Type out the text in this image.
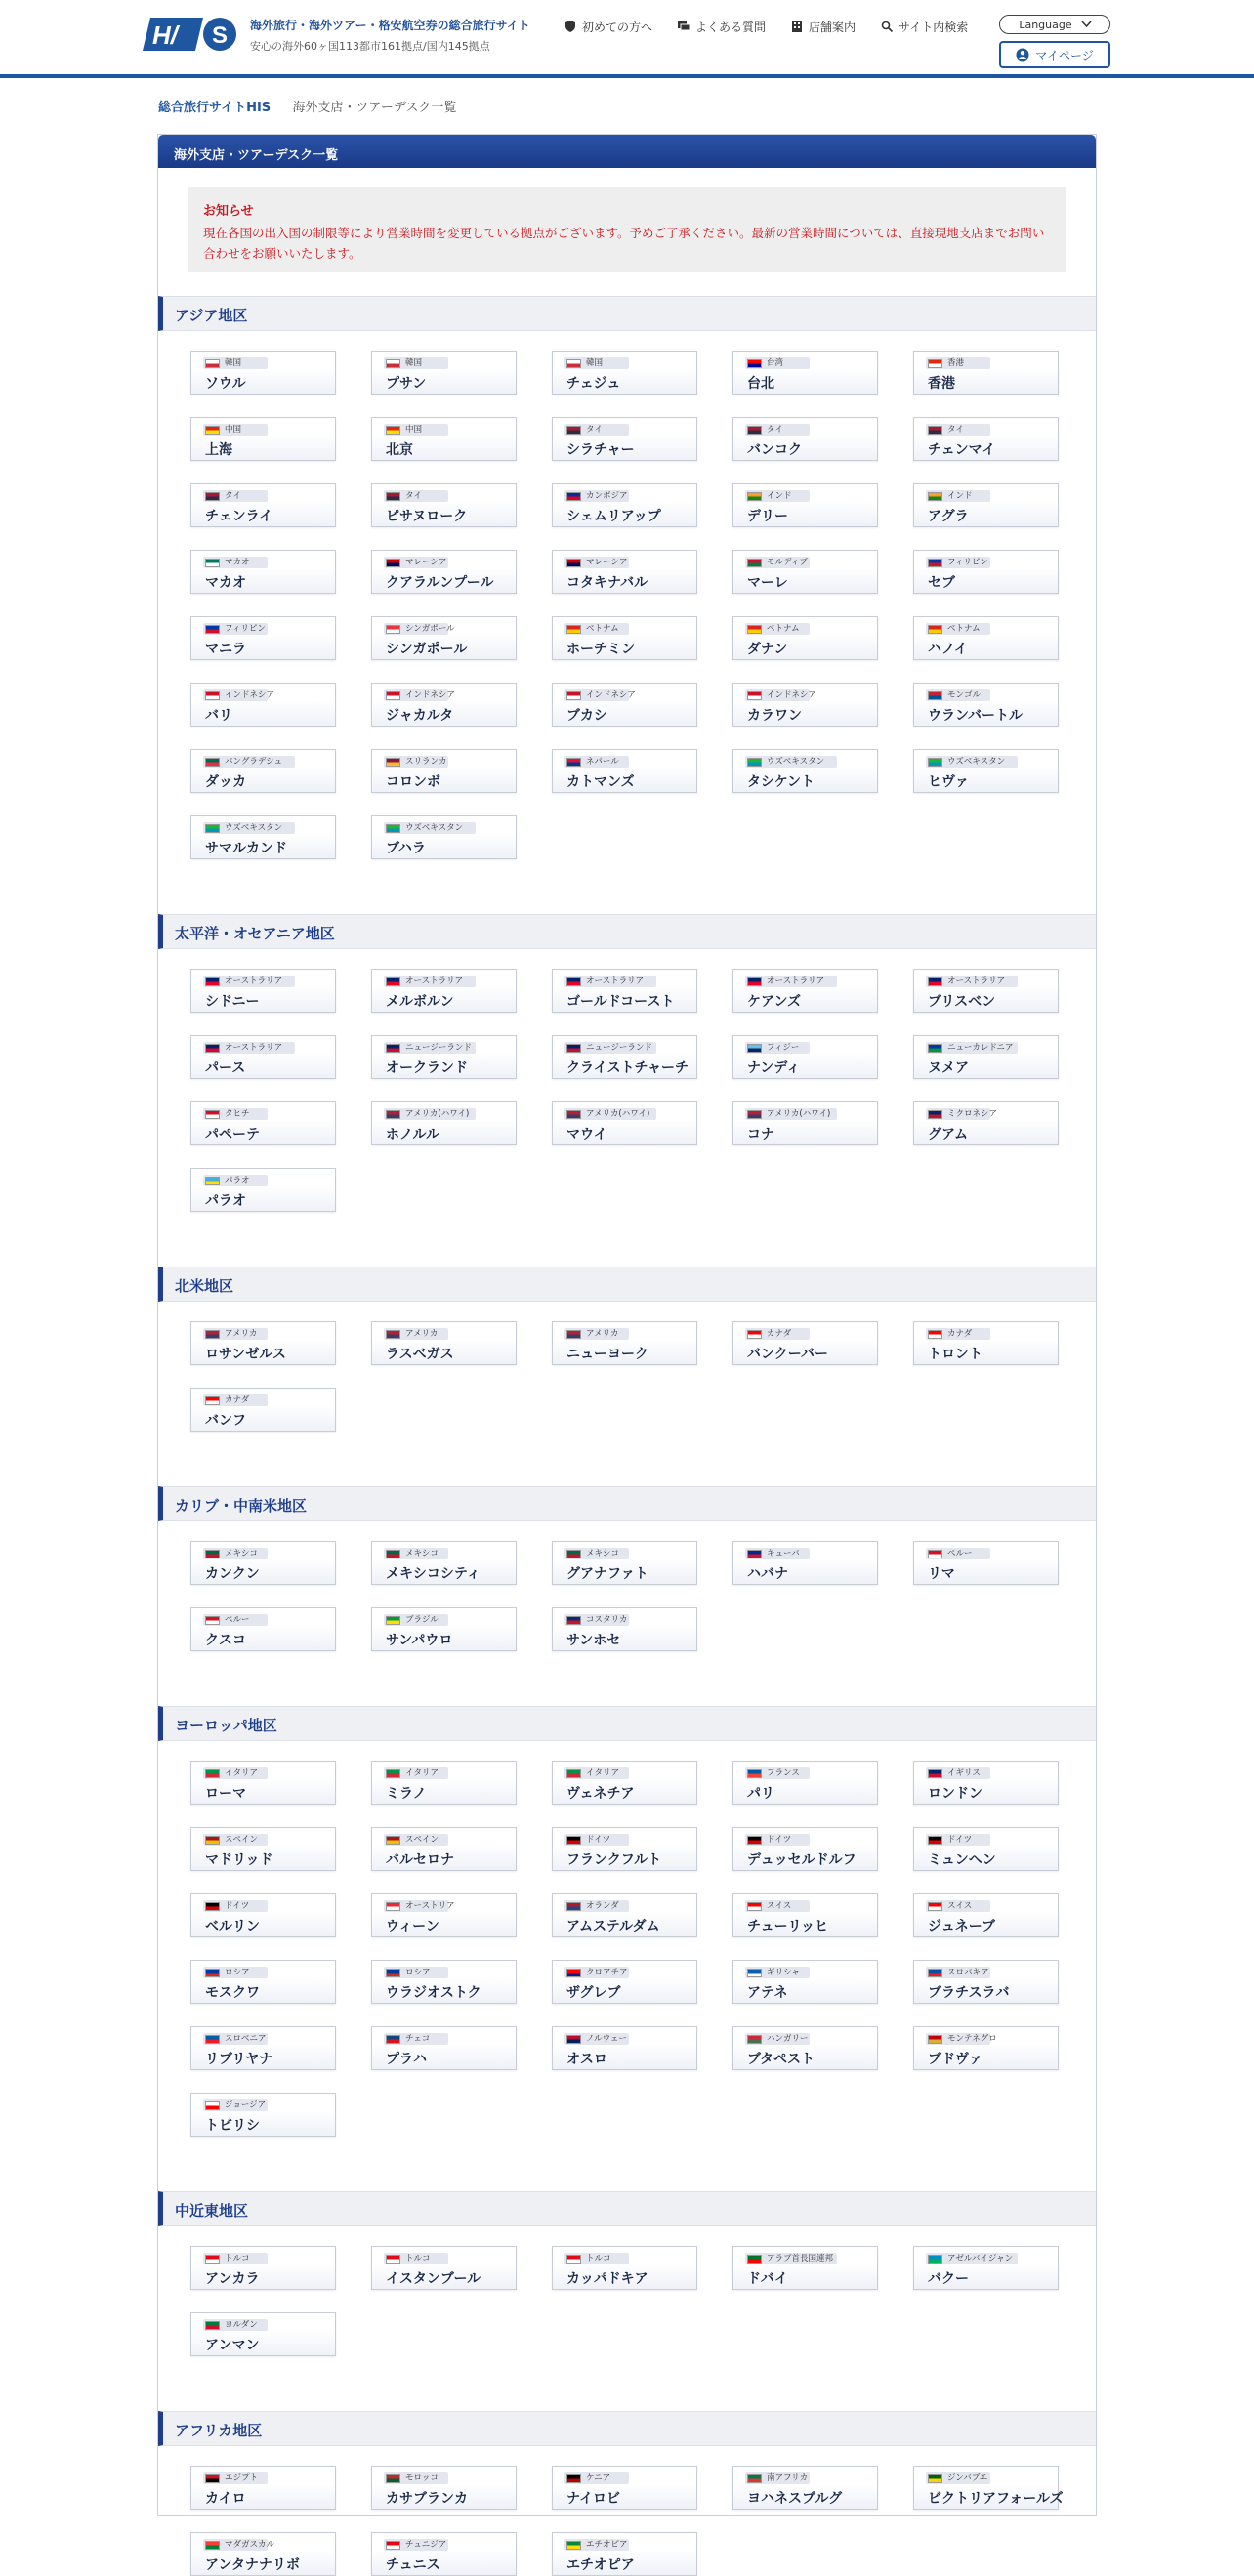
H/ S 海外旅行・海外ツアー・格安航空券の総合旅行サイト
安心の海外60ヶ国113都市161拠点/国内145拠点
初めての方へ	よくある質問	店舗案内	サイト内検索	Language
マイページ
総合旅行サイトHIS 海外支店・ツアーデスク一覧
海外支店・ツアーデスク一覧
お知らせ
現在各国の出入国の制限等により営業時間を変更している拠点がございます。予めご了承ください。最新の営業時間については、直接現地支店までお問い合わせをお願いいたします。
アジア地区
韓国
ソウル
韓国
プサン
韓国
チェジュ
台湾
台北
香港
香港
中国
上海
中国
北京
タイ
シラチャー
タイ
バンコク
タイ
チェンマイ
タイ
チェンライ
タイ
ピサヌローク
カンボジア
シェムリアップ
インド
デリー
インド
アグラ
マカオ
マカオ
マレーシア
クアラルンプール
マレーシア
コタキナバル
モルディブ
マーレ
フィリピン
セブ
フィリピン
マニラ
シンガポール
シンガポール
ベトナム
ホーチミン
ベトナム
ダナン
ベトナム
ハノイ
インドネシア
バリ
インドネシア
ジャカルタ
インドネシア
ブカシ
インドネシア
カラワン
モンゴル
ウランバートル
バングラデシュ
ダッカ
スリランカ
コロンボ
ネパール
カトマンズ
ウズベキスタン
タシケント
ウズベキスタン
ヒヴァ
ウズベキスタン
サマルカンド
ウズベキスタン
ブハラ
太平洋・オセアニア地区
オーストラリア
シドニー
オーストラリア
メルボルン
オーストラリア
ゴールドコースト
オーストラリア
ケアンズ
オーストラリア
ブリスベン
オーストラリア
パース
ニュージーランド
オークランド
ニュージーランド
クライストチャーチ
フィジー
ナンディ
ニューカレドニア
ヌメア
タヒチ
パペーテ
アメリカ(ハワイ)
ホノルル
アメリカ(ハワイ)
マウイ
アメリカ(ハワイ)
コナ
ミクロネシア
グアム
パラオ
パラオ
北米地区
アメリカ
ロサンゼルス
アメリカ
ラスベガス
アメリカ
ニューヨーク
カナダ
バンクーバー
カナダ
トロント
カナダ
バンフ
カリブ・中南米地区
メキシコ
カンクン
メキシコ
メキシコシティ
メキシコ
グアナファト
キューバ
ハバナ
ペルー
リマ
ペルー
クスコ
ブラジル
サンパウロ
コスタリカ
サンホセ
ヨーロッパ地区
イタリア
ローマ
イタリア
ミラノ
イタリア
ヴェネチア
フランス
パリ
イギリス
ロンドン
スペイン
マドリッド
スペイン
バルセロナ
ドイツ
フランクフルト
ドイツ
デュッセルドルフ
ドイツ
ミュンヘン
ドイツ
ベルリン
オーストリア
ウィーン
オランダ
アムステルダム
スイス
チューリッヒ
スイス
ジュネーブ
ロシア
モスクワ
ロシア
ウラジオストク
クロアチア
ザグレブ
ギリシャ
アテネ
スロバキア
ブラチスラバ
スロベニア
リブリヤナ
チェコ
プラハ
ノルウェー
オスロ
ハンガリー
ブタペスト
モンテネグロ
ブドヴァ
ジョージア
トビリシ
中近東地区
トルコ
アンカラ
トルコ
イスタンブール
トルコ
カッパドキア
アラブ首長国連邦
ドバイ
アゼルバイジャン
バクー
ヨルダン
アンマン
アフリカ地区
エジプト
カイロ
モロッコ
カサブランカ
ケニア
ナイロビ
南アフリカ
ヨハネスブルグ
ジンバブエ
ビクトリアフォールズ
マダガスカル
アンタナナリボ
チュニジア
チュニス
エチオピア
エチオピア
